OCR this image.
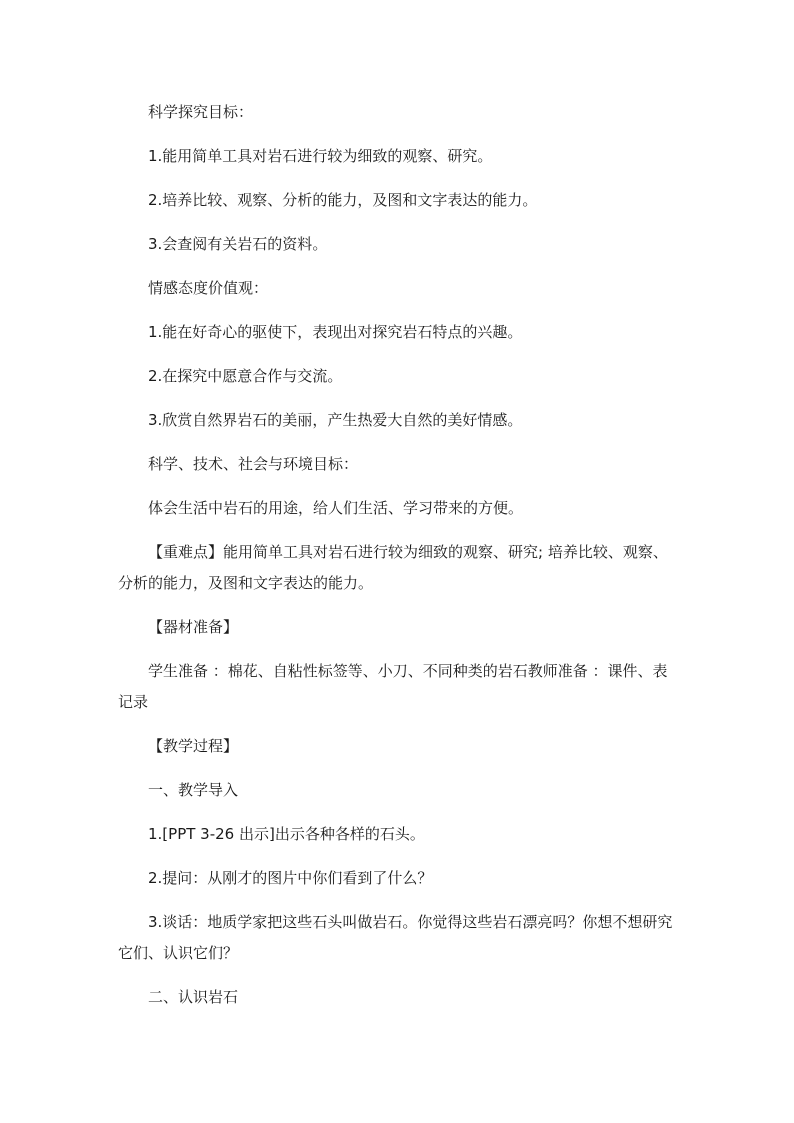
科学探究目标：

1.能用简单工具对岩石进行较为细致的观察、研究。

2.培养比较、观察、分析的能力，及图和文字表达的能力。

3.会查阅有关岩石的资料。

情感态度价值观：

1.能在好奇心的驱使下，表现出对探究岩石特点的兴趣。

2.在探究中愿意合作与交流。

3.欣赏自然界岩石的美丽，产生热爱大自然的美好情感。

科学、技术、社会与环境目标：

体会生活中岩石的用途，给人们生活、学习带来的方便。

【重难点】能用简单工具对岩石进行较为细致的观察、研究; 培养比较、观察、分析的能力，及图和文字表达的能力。

【器材准备】

学生准备 ：棉花、自粘性标签等、小刀、不同种类的岩石教师准备 ：课件、表记录

【教学过程】

一、教学导入

1.[PPT 3-26 出示]出示各种各样的石头。

2.提问：从刚才的图片中你们看到了什么？

3.谈话：地质学家把这些石头叫做岩石。你觉得这些岩石漂亮吗？你想不想研究它们、认识它们？

二、认识岩石
